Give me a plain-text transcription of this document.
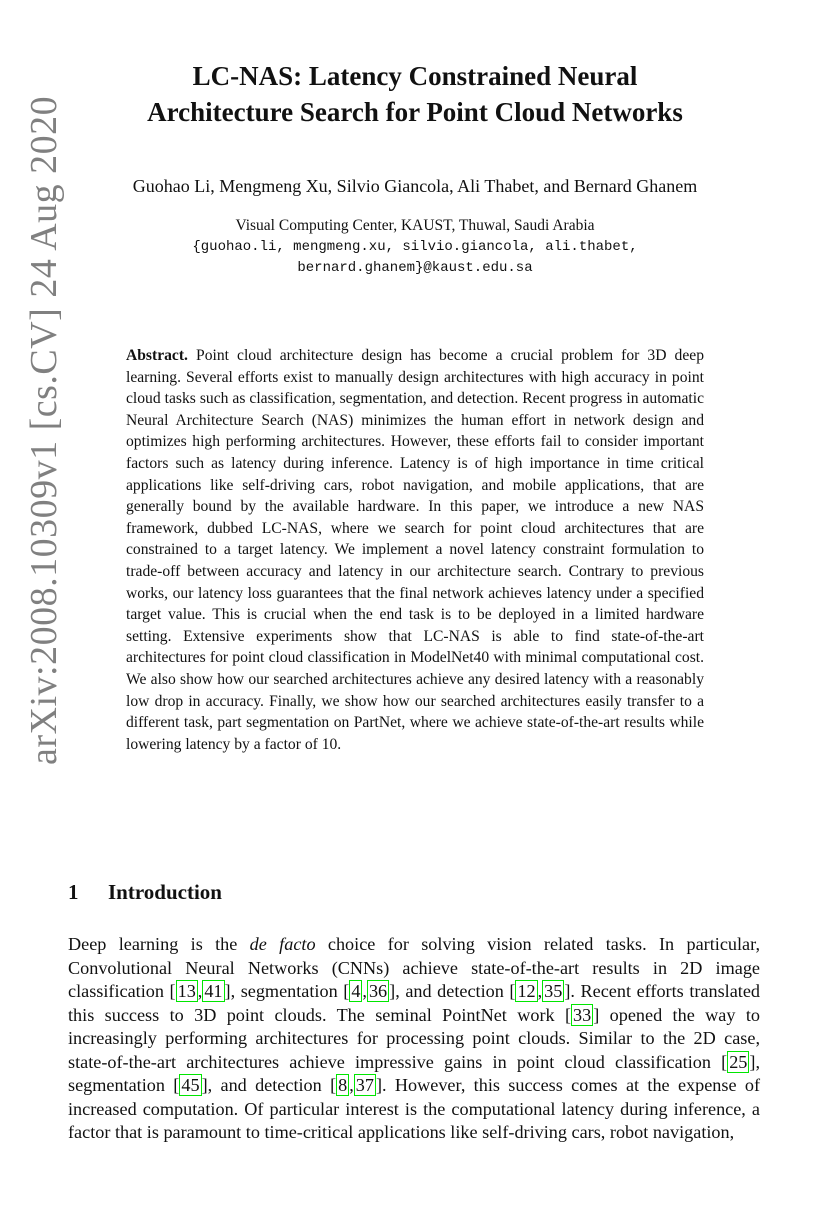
arXiv:2008.10309v1 [cs.CV] 24 Aug 2020
LC-NAS: Latency Constrained Neural
Architecture Search for Point Cloud Networks
Guohao Li, Mengmeng Xu, Silvio Giancola, Ali Thabet, and Bernard Ghanem
Visual Computing Center, KAUST, Thuwal, Saudi Arabia
{guohao.li, mengmeng.xu, silvio.giancola, ali.thabet,
bernard.ghanem}@kaust.edu.sa
Abstract. Point cloud architecture design has become a crucial problem for 3D deep learning. Several efforts exist to manually design architectures with high accuracy in point cloud tasks such as classification, segmentation, and detection. Recent progress in automatic Neural Architecture Search (NAS) minimizes the human effort in network design and optimizes high performing architectures. However, these efforts fail to consider important factors such as latency during inference. Latency is of high importance in time critical applications like self-driving cars, robot navigation, and mobile applications, that are generally bound by the available hardware. In this paper, we introduce a new NAS framework, dubbed LC-NAS, where we search for point cloud architectures that are constrained to a target latency. We implement a novel latency constraint formulation to trade-off between accuracy and latency in our architecture search. Contrary to previous works, our latency loss guarantees that the final network achieves latency under a specified target value. This is crucial when the end task is to be deployed in a limited hardware setting. Extensive experiments show that LC-NAS is able to find state-of-the-art architectures for point cloud classification in ModelNet40 with minimal computational cost. We also show how our searched architectures achieve any desired latency with a reasonably low drop in accuracy. Finally, we show how our searched architectures easily transfer to a different task, part segmentation on PartNet, where we achieve state-of-the-art results while lowering latency by a factor of 10.
1 Introduction
Deep learning is the de facto choice for solving vision related tasks. In particular, Convolutional Neural Networks (CNNs) achieve state-of-the-art results in 2D image classification [ 13 , 41 ], segmentation [ 4 , 36 ], and detection [ 12 , 35 ]. Recent efforts translated this success to 3D point clouds. The seminal PointNet work [ 33 ] opened the way to increasingly performing architectures for processing point clouds. Similar to the 2D case, state-of-the-art architectures achieve impressive gains in point cloud classification [ 25 ], segmentation [ 45 ], and detection [ 8 , 37 ]. However, this success comes at the expense of increased computation. Of particular interest is the computational latency during inference, a factor that is paramount to time-critical applications like self-driving cars, robot navigation,
